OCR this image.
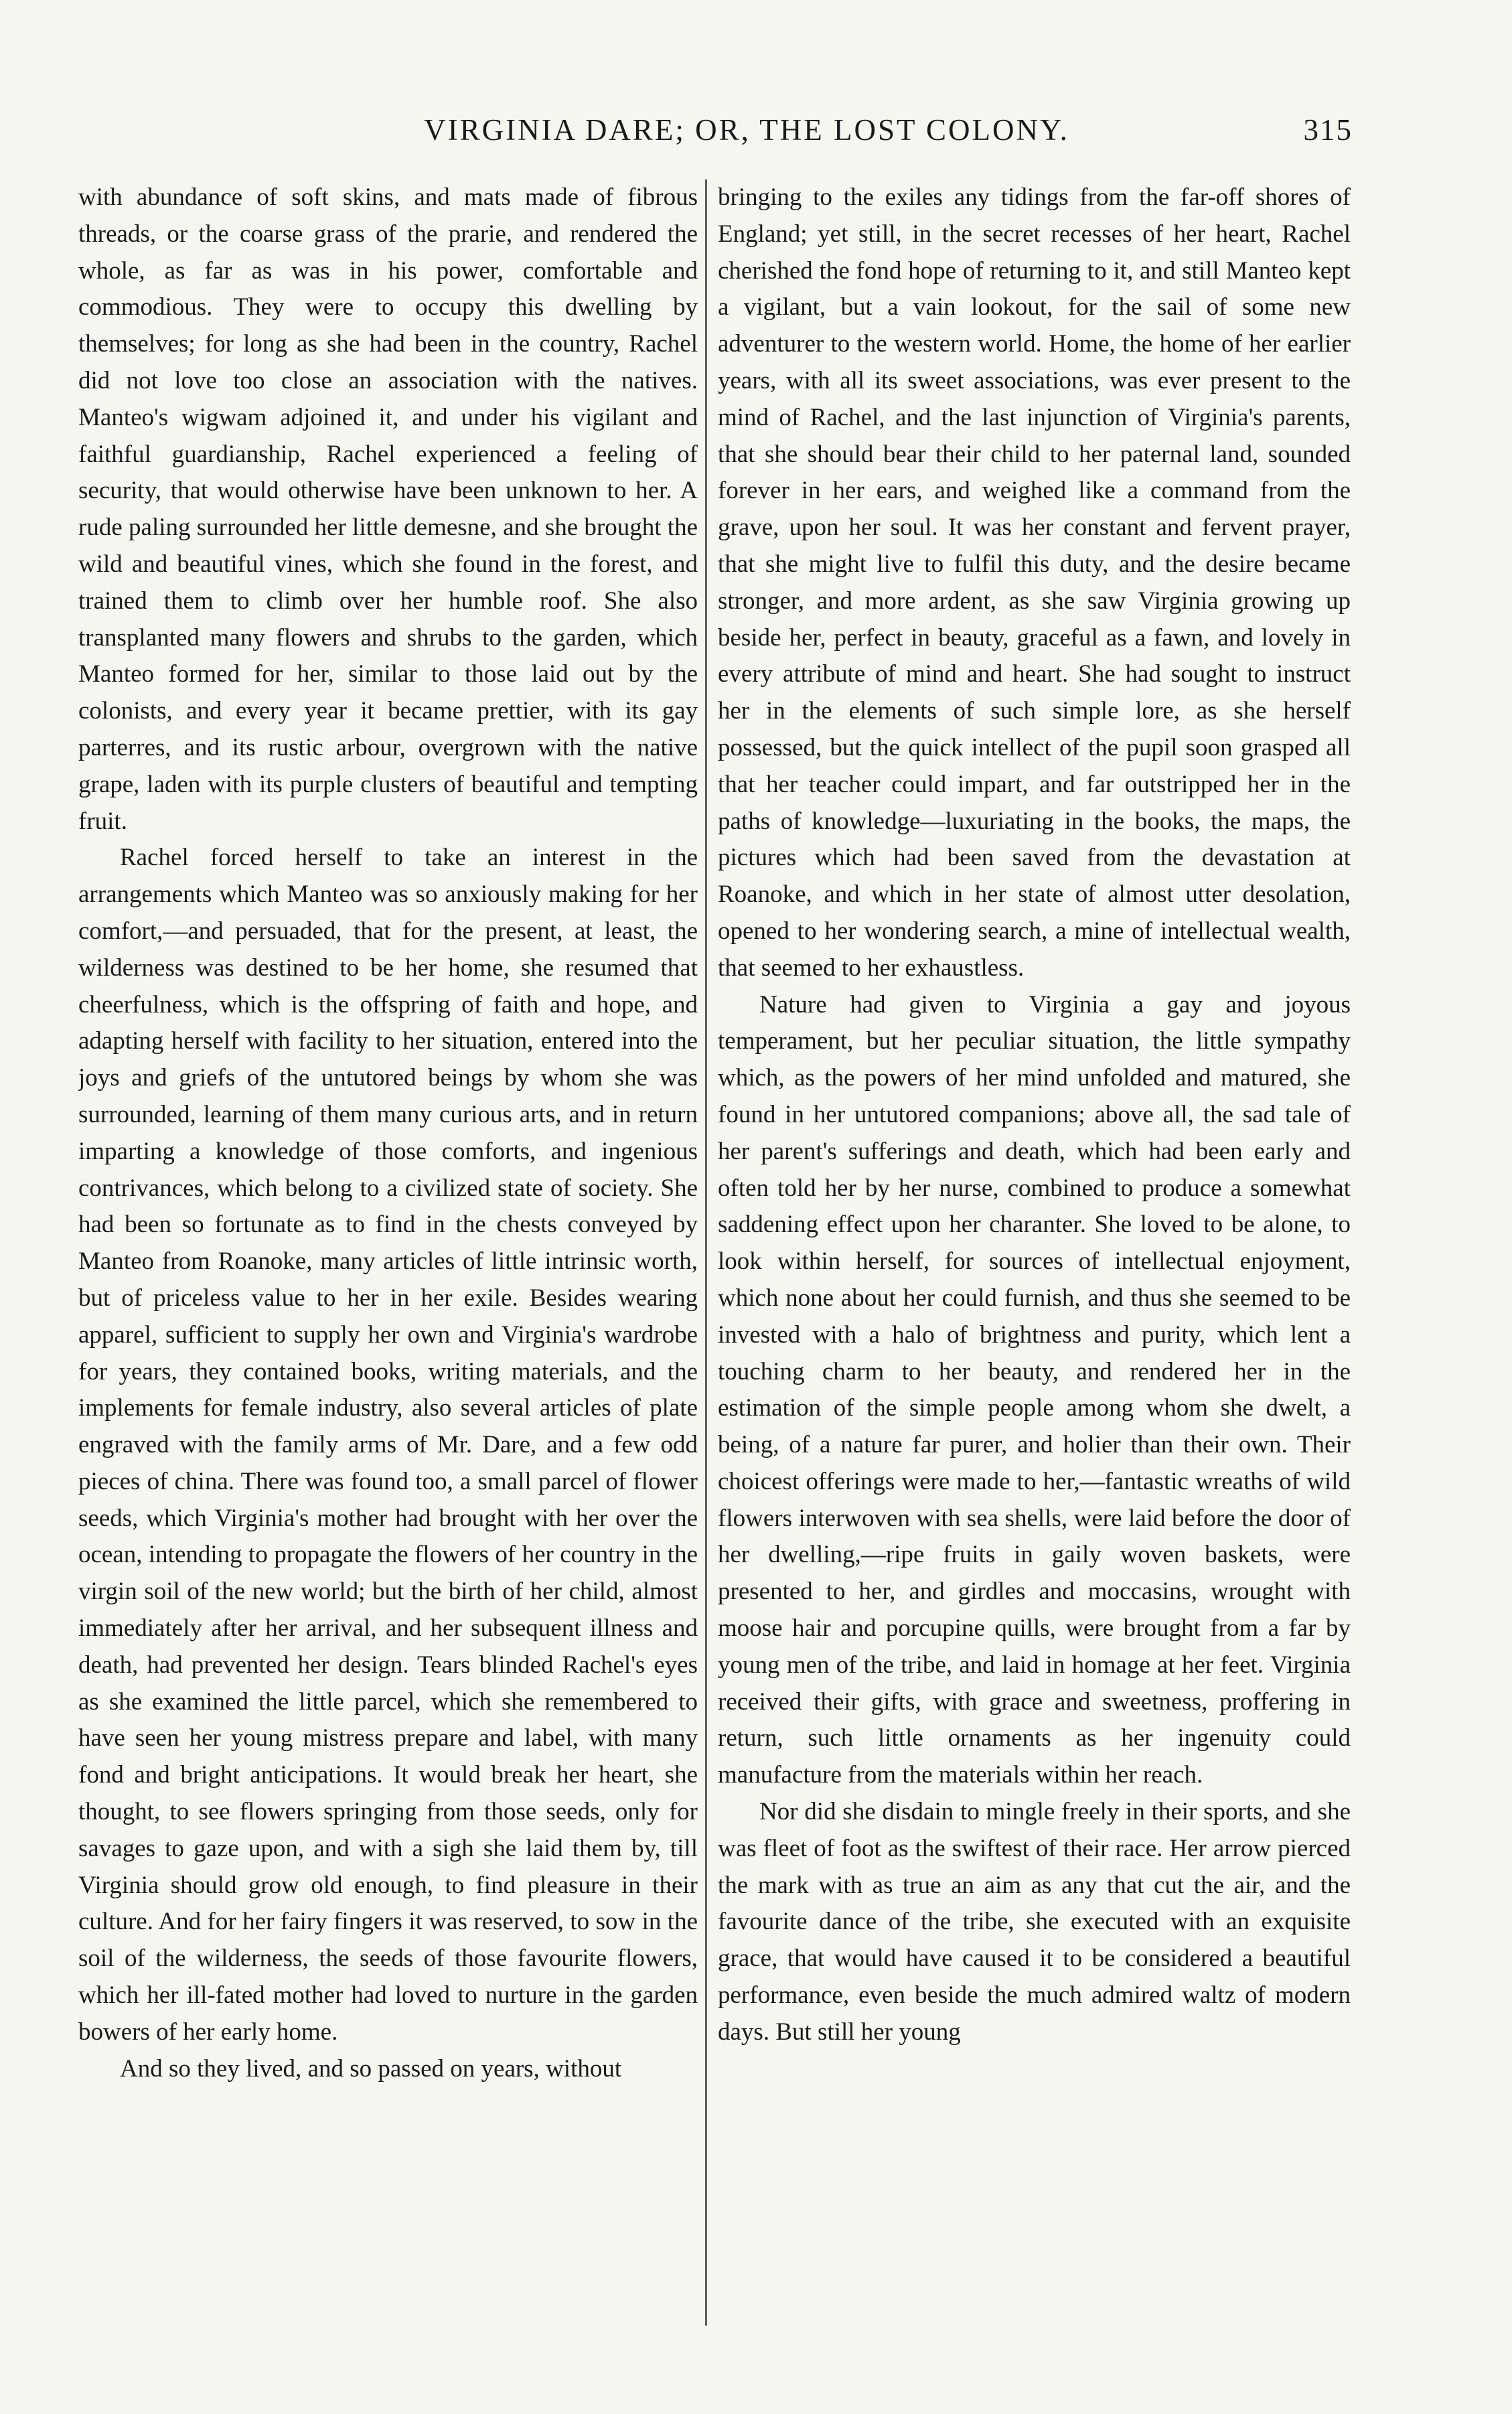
VIRGINIA DARE; OR, THE LOST COLONY.	315

with abundance of soft skins, and mats made of fibrous threads, or the coarse grass of the prarie, and rendered the whole, as far as was in his power, comfortable and commodious. They were to occupy this dwelling by themselves; for long as she had been in the country, Rachel did not love too close an association with the natives. Manteo's wigwam adjoined it, and under his vigilant and faithful guardianship, Rachel experienced a feeling of security, that would otherwise have been unknown to her. A rude paling surrounded her little demesne, and she brought the wild and beautiful vines, which she found in the forest, and trained them to climb over her humble roof. She also transplanted many flowers and shrubs to the garden, which Manteo formed for her, similar to those laid out by the colonists, and every year it became prettier, with its gay parterres, and its rustic arbour, overgrown with the native grape, laden with its purple clusters of beautiful and tempting fruit.

Rachel forced herself to take an interest in the arrangements which Manteo was so anxiously making for her comfort,—and persuaded, that for the present, at least, the wilderness was destined to be her home, she resumed that cheerfulness, which is the offspring of faith and hope, and adapting herself with facility to her situation, entered into the joys and griefs of the untutored beings by whom she was surrounded, learning of them many curious arts, and in return imparting a knowledge of those comforts, and ingenious contrivances, which belong to a civilized state of society. She had been so fortunate as to find in the chests conveyed by Manteo from Roanoke, many articles of little intrinsic worth, but of priceless value to her in her exile. Besides wearing apparel, sufficient to supply her own and Virginia's wardrobe for years, they contained books, writing materials, and the implements for female industry, also several articles of plate engraved with the family arms of Mr. Dare, and a few odd pieces of china. There was found too, a small parcel of flower seeds, which Virginia's mother had brought with her over the ocean, intending to propagate the flowers of her country in the virgin soil of the new world; but the birth of her child, almost immediately after her arrival, and her subsequent illness and death, had prevented her design. Tears blinded Rachel's eyes as she examined the little parcel, which she remembered to have seen her young mistress prepare and label, with many fond and bright anticipations. It would break her heart, she thought, to see flowers springing from those seeds, only for savages to gaze upon, and with a sigh she laid them by, till Virginia should grow old enough, to find pleasure in their culture. And for her fairy fingers it was reserved, to sow in the soil of the wilderness, the seeds of those favourite flowers, which her ill-fated mother had loved to nurture in the garden bowers of her early home.

And so they lived, and so passed on years, without

bringing to the exiles any tidings from the far-off shores of England; yet still, in the secret recesses of her heart, Rachel cherished the fond hope of returning to it, and still Manteo kept a vigilant, but a vain lookout, for the sail of some new adventurer to the western world. Home, the home of her earlier years, with all its sweet associations, was ever present to the mind of Rachel, and the last injunction of Virginia's parents, that she should bear their child to her paternal land, sounded forever in her ears, and weighed like a command from the grave, upon her soul. It was her constant and fervent prayer, that she might live to fulfil this duty, and the desire became stronger, and more ardent, as she saw Virginia growing up beside her, perfect in beauty, graceful as a fawn, and lovely in every attribute of mind and heart. She had sought to instruct her in the elements of such simple lore, as she herself possessed, but the quick intellect of the pupil soon grasped all that her teacher could impart, and far outstripped her in the paths of knowledge—luxuriating in the books, the maps, the pictures which had been saved from the devastation at Roanoke, and which in her state of almost utter desolation, opened to her wondering search, a mine of intellectual wealth, that seemed to her exhaustless.

Nature had given to Virginia a gay and joyous temperament, but her peculiar situation, the little sympathy which, as the powers of her mind unfolded and matured, she found in her untutored companions; above all, the sad tale of her parent's sufferings and death, which had been early and often told her by her nurse, combined to produce a somewhat saddening effect upon her charanter. She loved to be alone, to look within herself, for sources of intellectual enjoyment, which none about her could furnish, and thus she seemed to be invested with a halo of brightness and purity, which lent a touching charm to her beauty, and rendered her in the estimation of the simple people among whom she dwelt, a being, of a nature far purer, and holier than their own. Their choicest offerings were made to her,—fantastic wreaths of wild flowers interwoven with sea shells, were laid before the door of her dwelling,—ripe fruits in gaily woven baskets, were presented to her, and girdles and moccasins, wrought with moose hair and porcupine quills, were brought from a far by young men of the tribe, and laid in homage at her feet. Virginia received their gifts, with grace and sweetness, proffering in return, such little ornaments as her ingenuity could manufacture from the materials within her reach.

Nor did she disdain to mingle freely in their sports, and she was fleet of foot as the swiftest of their race. Her arrow pierced the mark with as true an aim as any that cut the air, and the favourite dance of the tribe, she executed with an exquisite grace, that would have caused it to be considered a beautiful performance, even beside the much admired waltz of modern days. But still her young
